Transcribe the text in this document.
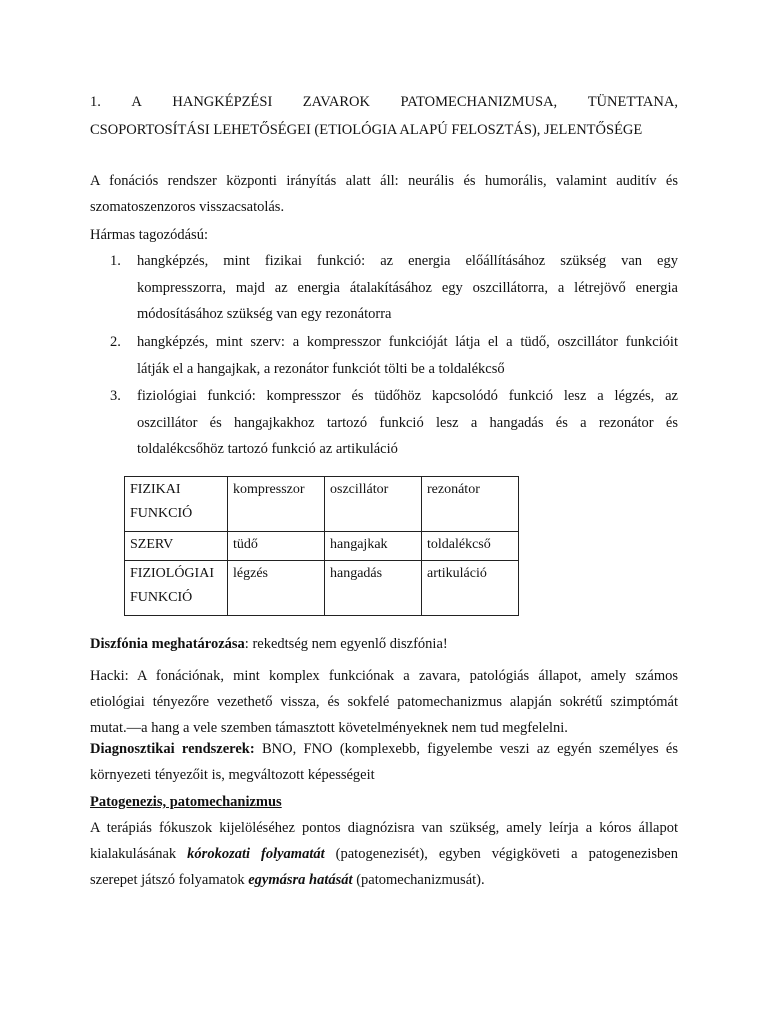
1. A HANGKÉPZÉSI ZAVAROK PATOMECHANIZMUSA, TÜNETTANA,
CSOPORTOSÍTÁSI LEHETŐSÉGEI (ETIOLÓGIA ALAPÚ FELOSZTÁS), JELENTŐSÉGE
A fonációs rendszer központi irányítás alatt áll: neurális és humorális, valamint auditív és
szomatoszenzoros visszacsatolás.
Hármas tagozódású:
1.	hangképzés, mint fizikai funkció: az energia előállításához szükség van egy
kompresszorra, majd az energia átalakításához egy oszcillátorra, a létrejövő energia
módosításához szükség van egy rezonátorra
2.	hangképzés, mint szerv: a kompresszor funkcióját látja el a tüdő, oszcillátor funkcióit
látják el a hangajkak, a rezonátor funkciót tölti be a toldalékcső
3.	fiziológiai funkció: kompresszor és tüdőhöz kapcsolódó funkció lesz a légzés, az
oszcillátor és hangajkakhoz tartozó funkció lesz a hangadás és a rezonátor és
toldalékcsőhöz tartozó funkció az artikuláció
FIZIKAI
FUNKCIÓ	kompresszor	oszcillátor	rezonátor

SZERV	tüdő	hangajkak	toldalékcső

FIZIOLÓGIAI
FUNKCIÓ	légzés	hangadás	artikuláció
Diszfónia meghatározása: rekedtség nem egyenlő diszfónia!
Hacki: A fonációnak, mint komplex funkciónak a zavara, patológiás állapot, amely számos
etiológiai tényezőre vezethető vissza, és sokfelé patomechanizmus alapján sokrétű szimptómát
mutat.—a hang a vele szemben támasztott követelményeknek nem tud megfelelni.
Diagnosztikai rendszerek: BNO, FNO (komplexebb, figyelembe veszi az egyén személyes és
környezeti tényezőit is, megváltozott képességeit
Patogenezis, patomechanizmus
A terápiás fókuszok kijelöléséhez pontos diagnózisra van szükség, amely leírja a kóros állapot
kialakulásának kórokozati folyamatát (patogenezisét), egyben végigköveti a patogenezisben
szerepet játszó folyamatok egymásra hatását (patomechanizmusát).
